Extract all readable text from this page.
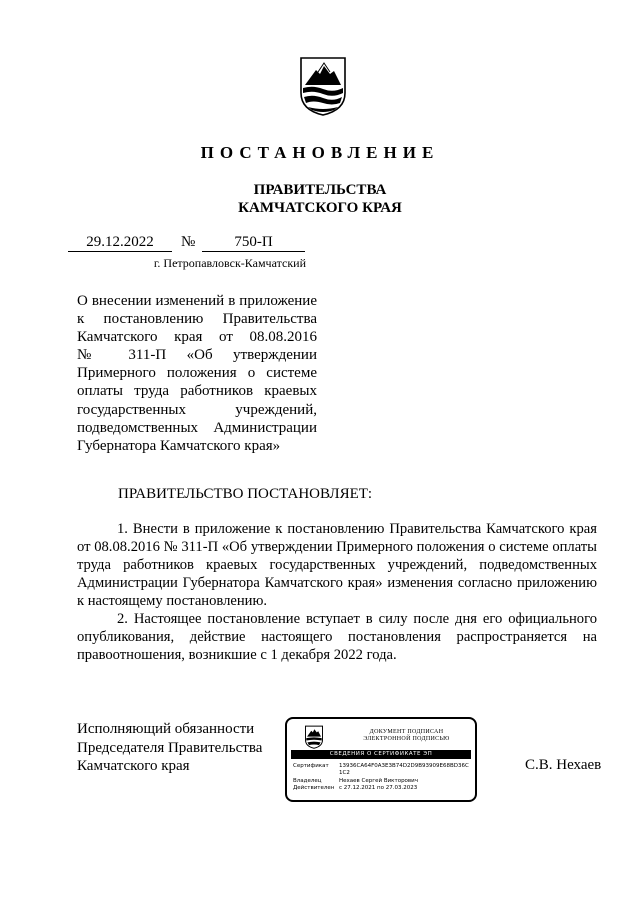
ПОСТАНОВЛЕНИЕ
ПРАВИТЕЛЬСТВА
КАМЧАТСКОГО КРАЯ
29.12.2022	№	750-П
г. Петропавловск-Камчатский
О внесении изменений в приложение
к постановлению Правительства
Камчатского края от 08.08.2016
№ 311-П «Об утверждении
Примерного положения о системе
оплаты труда работников краевых
государственных учреждений,
подведомственных Администрации
Губернатора Камчатского края»
ПРАВИТЕЛЬСТВО ПОСТАНОВЛЯЕТ:

1. Внести в приложение к постановлению Правительства Камчатского края от 08.08.2016 № 311-П «Об утверждении Примерного положения о системе оплаты труда работников краевых государственных учреждений, подведомственных Администрации Губернатора Камчатского края» изменения согласно приложению к настоящему постановлению.

2. Настоящее постановление вступает в силу после дня его официального опубликования, действие настоящего постановления распространяется на правоотношения, возникшие с 1 декабря 2022 года.

Исполняющий обязанности
Председателя Правительства
Камчатского края
ДОКУМЕНТ ПОДПИСАН
ЭЛЕКТРОННОЙ ПОДПИСЬЮ
СВЕДЕНИЯ О СЕРТИФИКАТЕ ЭП
Сертификат	13936CA64F0A3E3B74D2D9B93909E68BD36C1C2
Владелец	Нехаев Сергей Викторович
Действителен с 27.12.2021 по 27.03.2023
С.В. Нехаев
